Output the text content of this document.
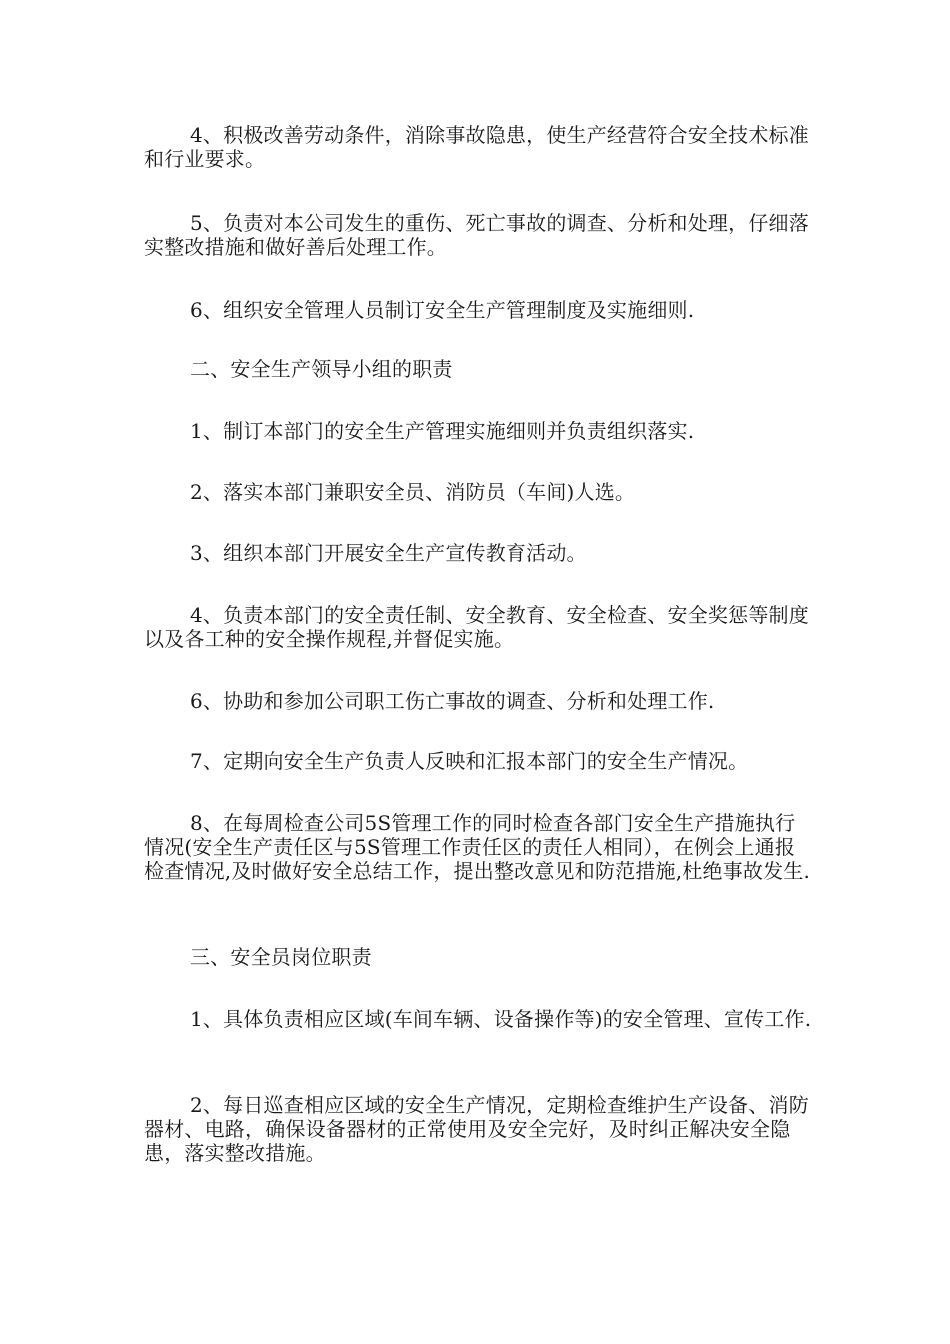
4、积极改善劳动条件，消除事故隐患，使生产经营符合安全技术标准和行业要求。

5、负责对本公司发生的重伤、死亡事故的调查、分析和处理，仔细落实整改措施和做好善后处理工作。

6、组织安全管理人员制订安全生产管理制度及实施细则.

二、安全生产领导小组的职责

1、制订本部门的安全生产管理实施细则并负责组织落实.

2、落实本部门兼职安全员、消防员（车间)人选。

3、组织本部门开展安全生产宣传教育活动。

4、负责本部门的安全责任制、安全教育、安全检查、安全奖惩等制度以及各工种的安全操作规程,并督促实施。

6、协助和参加公司职工伤亡事故的调查、分析和处理工作.

7、定期向安全生产负责人反映和汇报本部门的安全生产情况。

8、在每周检查公司5S管理工作的同时检查各部门安全生产措施执行情况(安全生产责任区与5S管理工作责任区的责任人相同），在例会上通报检查情况,及时做好安全总结工作，提出整改意见和防范措施,杜绝事故发生.

三、安全员岗位职责

1、具体负责相应区域(车间车辆、设备操作等)的安全管理、宣传工作.

2、每日巡查相应区域的安全生产情况，定期检查维护生产设备、消防器材、电路，确保设备器材的正常使用及安全完好，及时纠正解决安全隐患，落实整改措施。
